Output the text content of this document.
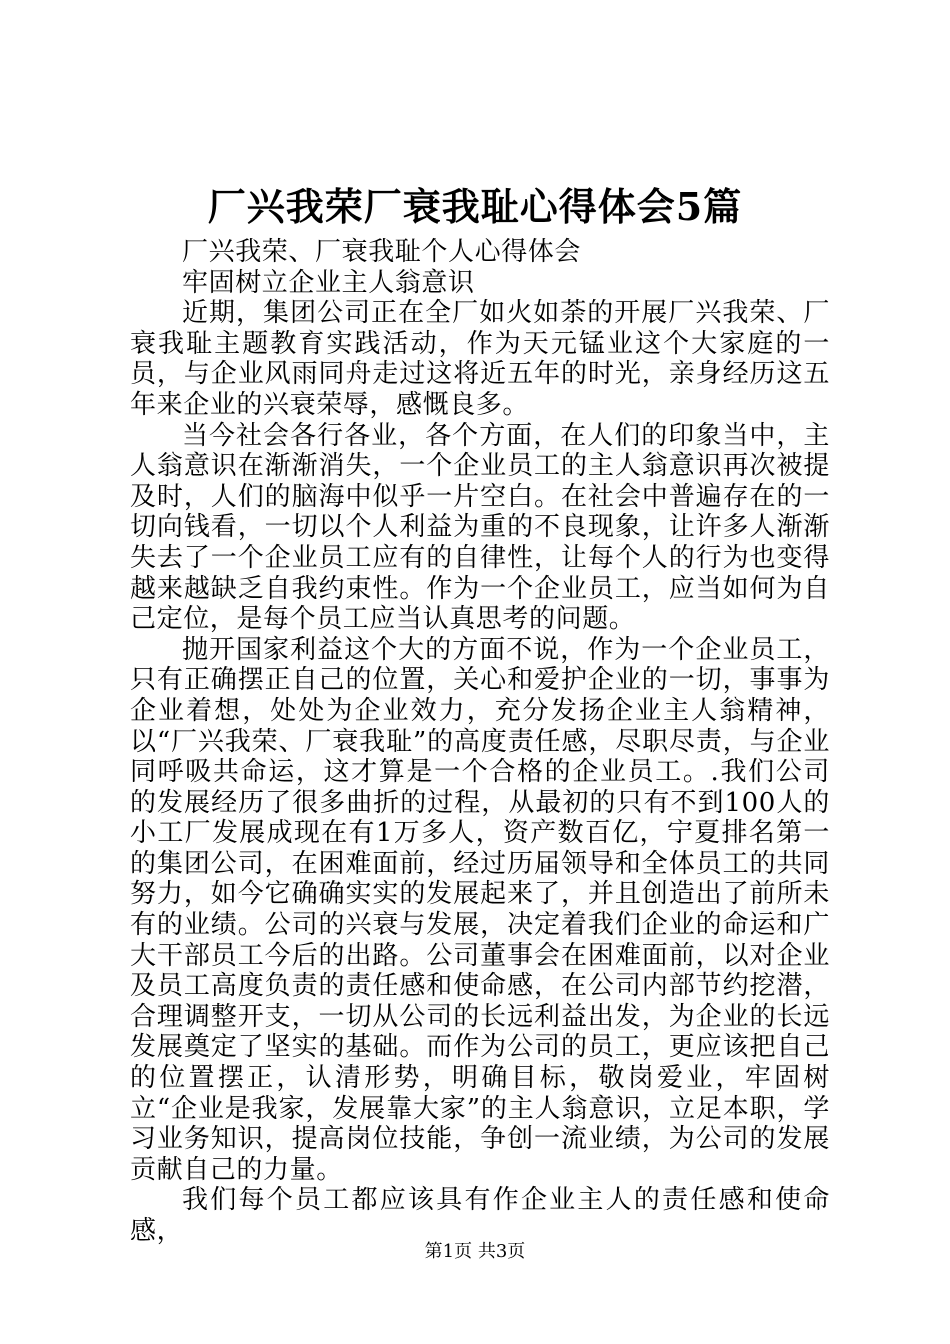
厂兴我荣厂衰我耻心得体会5篇

厂兴我荣、厂衰我耻个人心得体会

牢固树立企业主人翁意识

近期，集团公司正在全厂如火如荼的开展厂兴我荣、厂衰我耻主题教育实践活动，作为天元锰业这个大家庭的一员，与企业风雨同舟走过这将近五年的时光，亲身经历这五年来企业的兴衰荣辱，感慨良多。

当今社会各行各业，各个方面，在人们的印象当中，主人翁意识在渐渐消失，一个企业员工的主人翁意识再次被提及时，人们的脑海中似乎一片空白。在社会中普遍存在的一切向钱看，一切以个人利益为重的不良现象，让许多人渐渐失去了一个企业员工应有的自律性，让每个人的行为也变得越来越缺乏自我约束性。作为一个企业员工，应当如何为自己定位，是每个员工应当认真思考的问题。

抛开国家利益这个大的方面不说，作为一个企业员工，只有正确摆正自己的位置，关心和爱护企业的一切，事事为企业着想，处处为企业效力，充分发扬企业主人翁精神，以“厂兴我荣、厂衰我耻”的高度责任感，尽职尽责，与企业同呼吸共命运，这才算是一个合格的企业员工。.我们公司的发展经历了很多曲折的过程，从最初的只有不到100人的小工厂发展成现在有1万多人，资产数百亿，宁夏排名第一的集团公司，在困难面前，经过历届领导和全体员工的共同努力，如今它确确实实的发展起来了，并且创造出了前所未有的业绩。公司的兴衰与发展，决定着我们企业的命运和广大干部员工今后的出路。公司董事会在困难面前，以对企业及员工高度负责的责任感和使命感，在公司内部节约挖潜，合理调整开支，一切从公司的长远利益出发，为企业的长远发展奠定了坚实的基础。而作为公司的员工，更应该把自己的位置摆正，认清形势，明确目标，敬岗爱业，牢固树立“企业是我家，发展靠大家”的主人翁意识，立足本职，学习业务知识，提高岗位技能，争创一流业绩，为公司的发展贡献自己的力量。

我们每个员工都应该具有作企业主人的责任感和使命感，

第1页 共3页
